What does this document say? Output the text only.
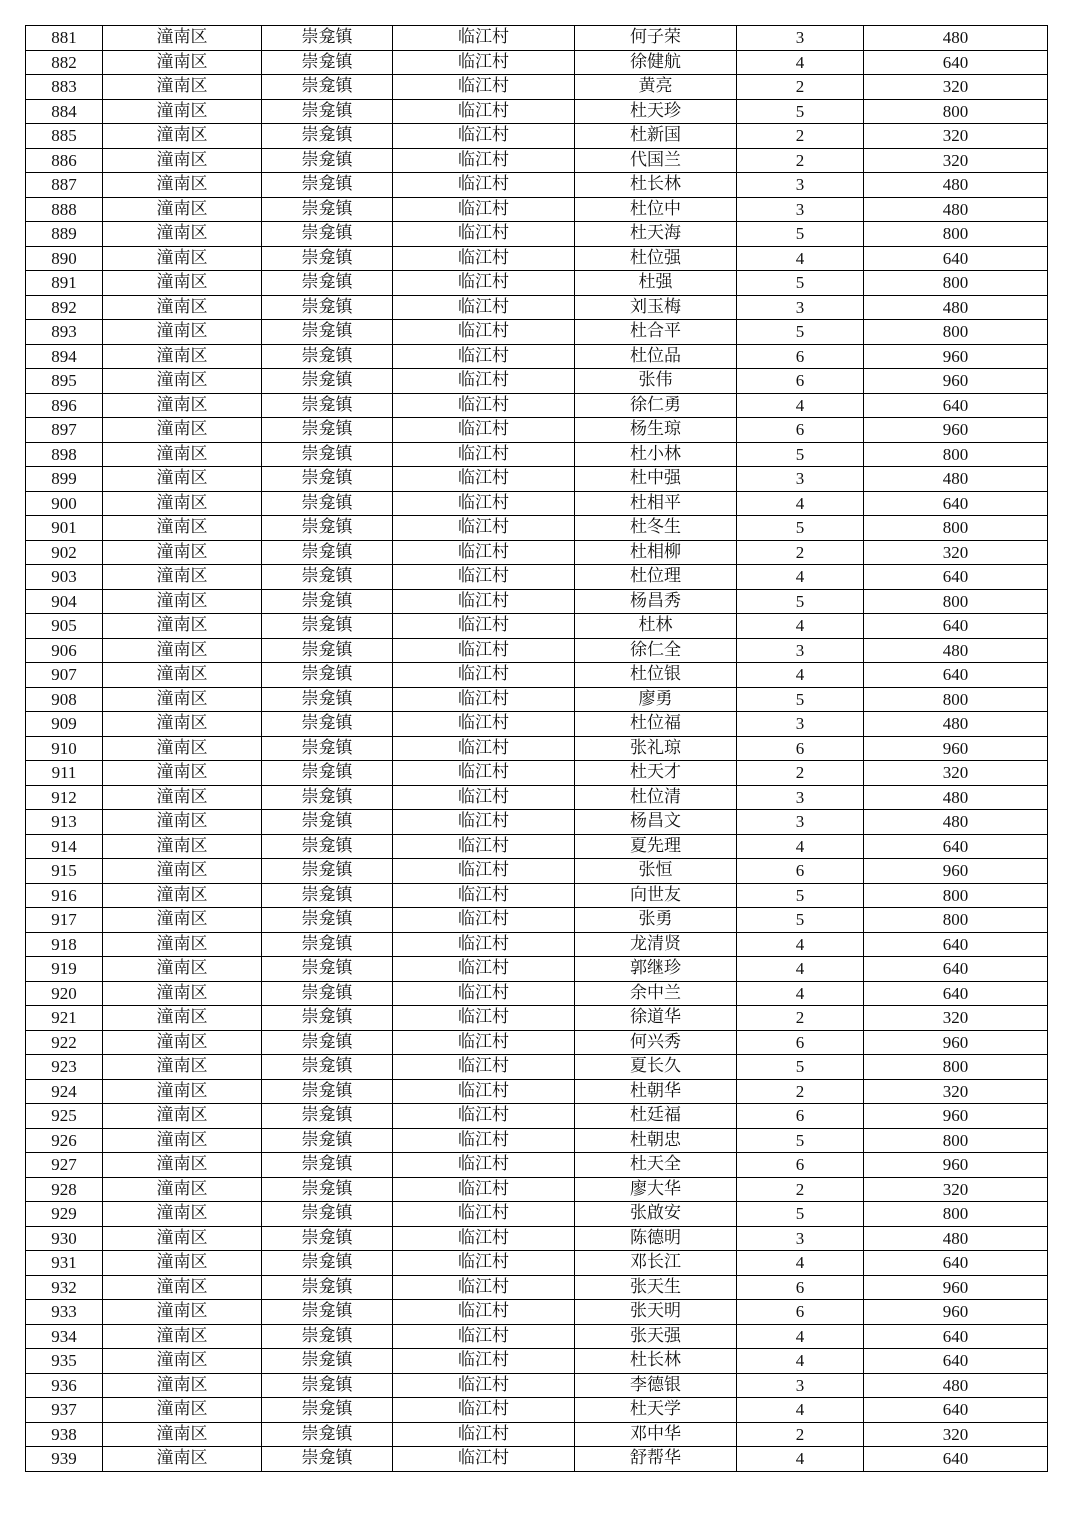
881	潼南区	崇龛镇	临江村	何子荣	3	480
882	潼南区	崇龛镇	临江村	徐健航	4	640
883	潼南区	崇龛镇	临江村	黄亮	2	320
884	潼南区	崇龛镇	临江村	杜天珍	5	800
885	潼南区	崇龛镇	临江村	杜新国	2	320
886	潼南区	崇龛镇	临江村	代国兰	2	320
887	潼南区	崇龛镇	临江村	杜长林	3	480
888	潼南区	崇龛镇	临江村	杜位中	3	480
889	潼南区	崇龛镇	临江村	杜天海	5	800
890	潼南区	崇龛镇	临江村	杜位强	4	640
891	潼南区	崇龛镇	临江村	杜强	5	800
892	潼南区	崇龛镇	临江村	刘玉梅	3	480
893	潼南区	崇龛镇	临江村	杜合平	5	800
894	潼南区	崇龛镇	临江村	杜位品	6	960
895	潼南区	崇龛镇	临江村	张伟	6	960
896	潼南区	崇龛镇	临江村	徐仁勇	4	640
897	潼南区	崇龛镇	临江村	杨生琼	6	960
898	潼南区	崇龛镇	临江村	杜小林	5	800
899	潼南区	崇龛镇	临江村	杜中强	3	480
900	潼南区	崇龛镇	临江村	杜相平	4	640
901	潼南区	崇龛镇	临江村	杜冬生	5	800
902	潼南区	崇龛镇	临江村	杜相柳	2	320
903	潼南区	崇龛镇	临江村	杜位理	4	640
904	潼南区	崇龛镇	临江村	杨昌秀	5	800
905	潼南区	崇龛镇	临江村	杜林	4	640
906	潼南区	崇龛镇	临江村	徐仁全	3	480
907	潼南区	崇龛镇	临江村	杜位银	4	640
908	潼南区	崇龛镇	临江村	廖勇	5	800
909	潼南区	崇龛镇	临江村	杜位福	3	480
910	潼南区	崇龛镇	临江村	张礼琼	6	960
911	潼南区	崇龛镇	临江村	杜天才	2	320
912	潼南区	崇龛镇	临江村	杜位清	3	480
913	潼南区	崇龛镇	临江村	杨昌文	3	480
914	潼南区	崇龛镇	临江村	夏先理	4	640
915	潼南区	崇龛镇	临江村	张恒	6	960
916	潼南区	崇龛镇	临江村	向世友	5	800
917	潼南区	崇龛镇	临江村	张勇	5	800
918	潼南区	崇龛镇	临江村	龙清贤	4	640
919	潼南区	崇龛镇	临江村	郭继珍	4	640
920	潼南区	崇龛镇	临江村	余中兰	4	640
921	潼南区	崇龛镇	临江村	徐道华	2	320
922	潼南区	崇龛镇	临江村	何兴秀	6	960
923	潼南区	崇龛镇	临江村	夏长久	5	800
924	潼南区	崇龛镇	临江村	杜朝华	2	320
925	潼南区	崇龛镇	临江村	杜廷福	6	960
926	潼南区	崇龛镇	临江村	杜朝忠	5	800
927	潼南区	崇龛镇	临江村	杜天全	6	960
928	潼南区	崇龛镇	临江村	廖大华	2	320
929	潼南区	崇龛镇	临江村	张啟安	5	800
930	潼南区	崇龛镇	临江村	陈德明	3	480
931	潼南区	崇龛镇	临江村	邓长江	4	640
932	潼南区	崇龛镇	临江村	张天生	6	960
933	潼南区	崇龛镇	临江村	张天明	6	960
934	潼南区	崇龛镇	临江村	张天强	4	640
935	潼南区	崇龛镇	临江村	杜长林	4	640
936	潼南区	崇龛镇	临江村	李德银	3	480
937	潼南区	崇龛镇	临江村	杜天学	4	640
938	潼南区	崇龛镇	临江村	邓中华	2	320
939	潼南区	崇龛镇	临江村	舒帮华	4	640
